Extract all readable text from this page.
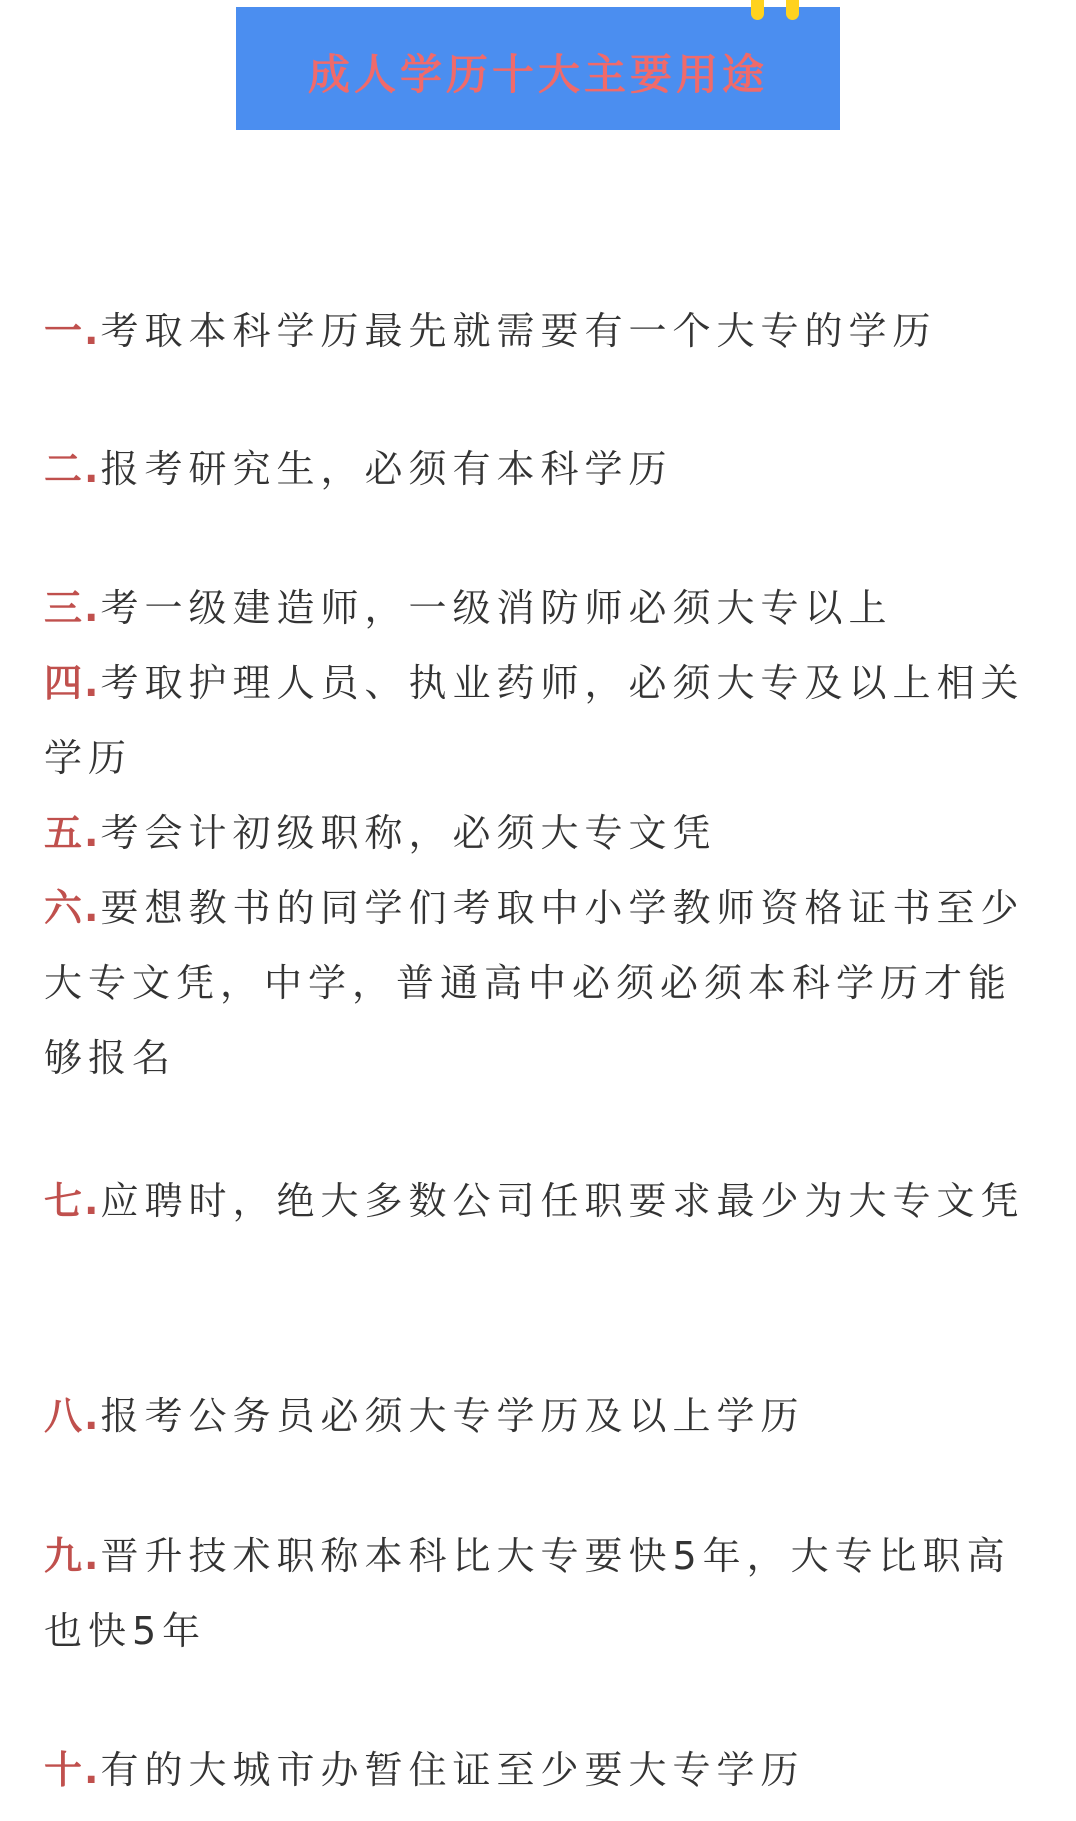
成人学历十大主要用途

一.考取本科学历最先就需要有一个大专的学历

二.报考研究生，必须有本科学历

三.考一级建造师，一级消防师必须大专以上

四.考取护理人员、执业药师，必须大专及以上相关学历

五.考会计初级职称，必须大专文凭

六.要想教书的同学们考取中小学教师资格证书至少大专文凭，中学，普通高中必须必须本科学历才能够报名

七.应聘时，绝大多数公司任职要求最少为大专文凭

八.报考公务员必须大专学历及以上学历

九.晋升技术职称本科比大专要快5年，大专比职高也快5年

十.有的大城市办暂住证至少要大专学历
